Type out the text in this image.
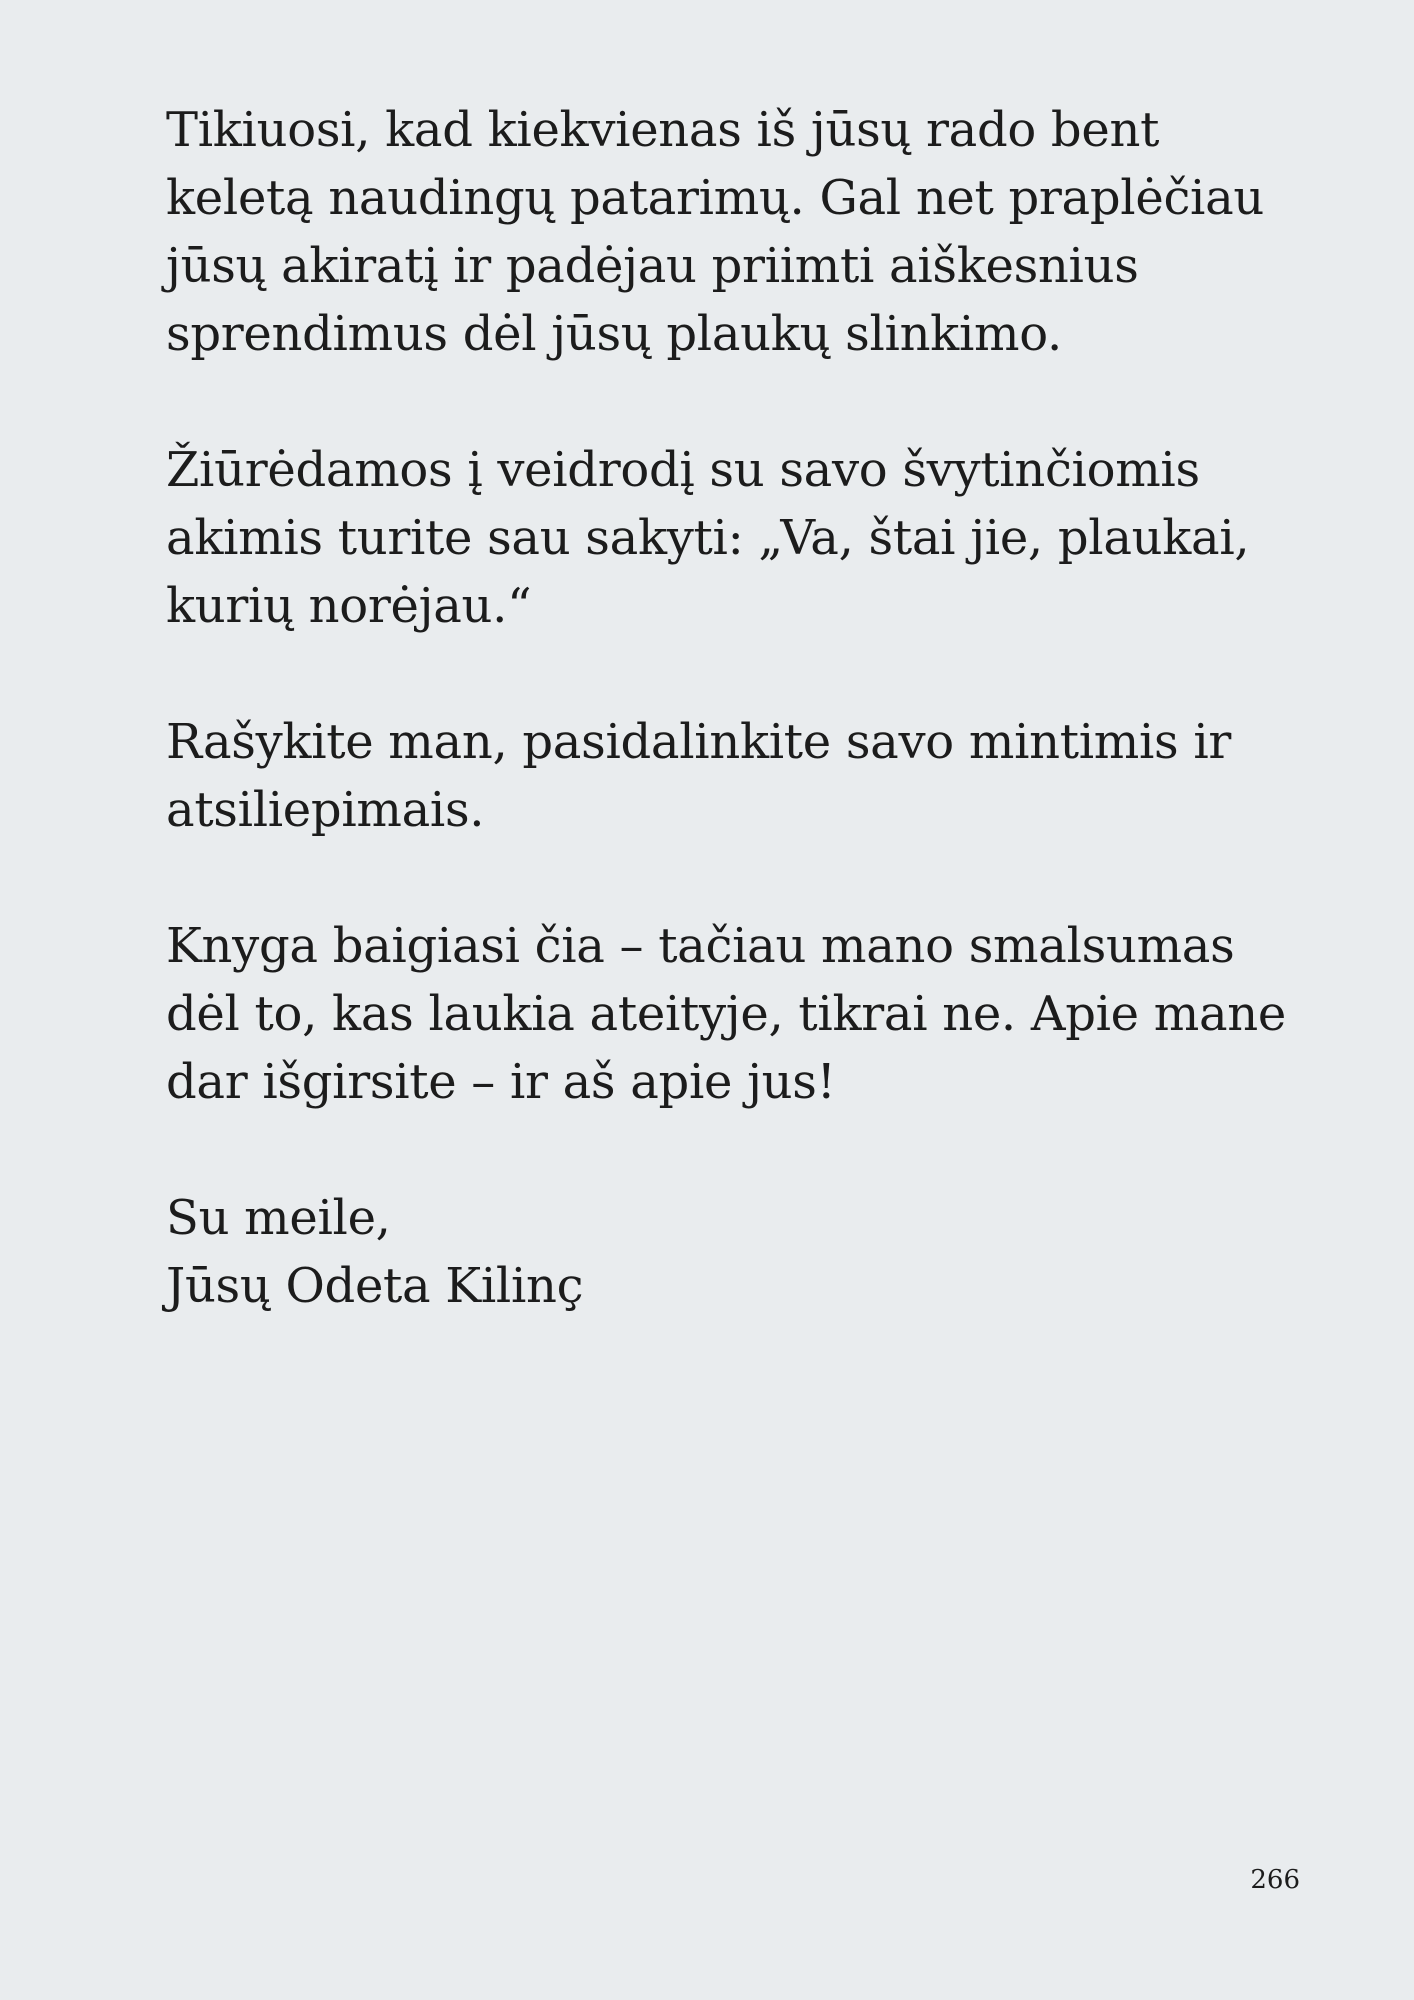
Tikiuosi, kad kiekvienas iš jūsų rado bent keletą naudingų patarimų. Gal net praplėčiau jūsų akiratį ir padėjau priimti aiškesnius sprendimus dėl jūsų plaukų slinkimo.

Žiūrėdamos į veidrodį su savo švytinčiomis akimis turite sau sakyti: „Va, štai jie, plaukai, kurių norėjau.“

Rašykite man, pasidalinkite savo mintimis ir atsiliepimais.

Knyga baigiasi čia – tačiau mano smalsumas dėl to, kas laukia ateityje, tikrai ne. Apie mane dar išgirsite – ir aš apie jus!

Su meile,
Jūsų Odeta Kilinç

266
